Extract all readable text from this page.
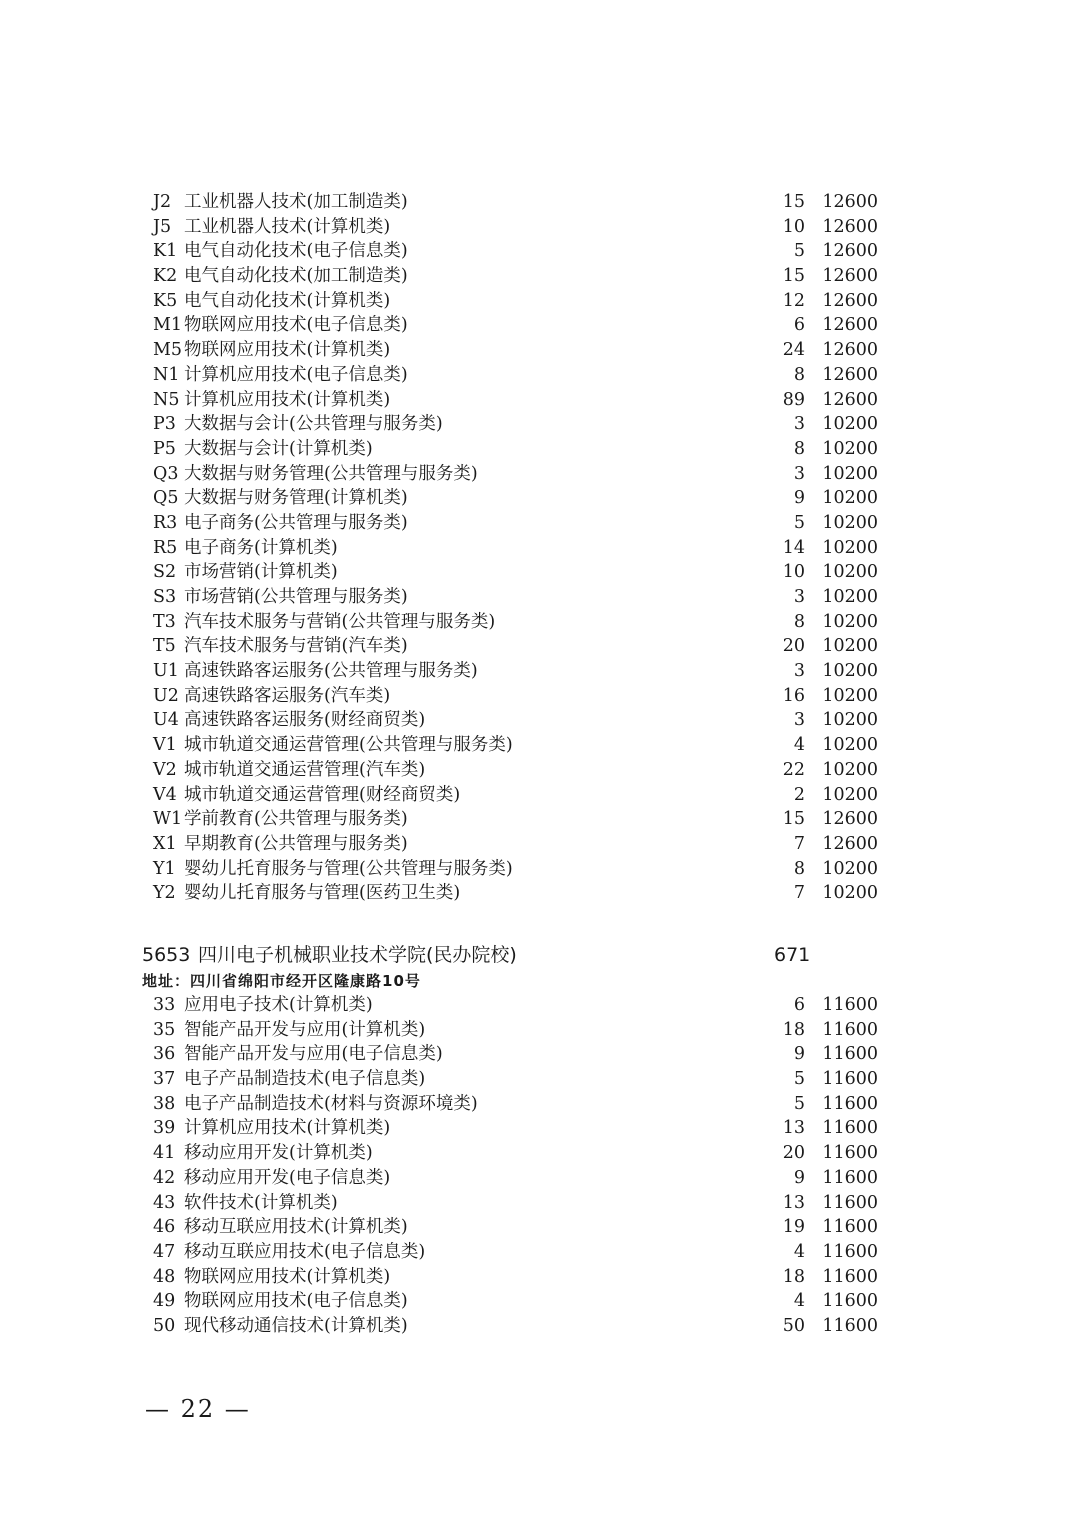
J2 工业机器人技术(加工制造类)	15 12600
J5 工业机器人技术(计算机类)	10 12600
K1 电气自动化技术(电子信息类)	5 12600
K2 电气自动化技术(加工制造类)	15 12600
K5 电气自动化技术(计算机类)	12 12600
M1 物联网应用技术(电子信息类)	6 12600
M5 物联网应用技术(计算机类)	24 12600
N1 计算机应用技术(电子信息类)	8 12600
N5 计算机应用技术(计算机类)	89 12600
P3 大数据与会计(公共管理与服务类)	3 10200
P5 大数据与会计(计算机类)	8 10200
Q3 大数据与财务管理(公共管理与服务类)	3 10200
Q5 大数据与财务管理(计算机类)	9 10200
R3 电子商务(公共管理与服务类)	5 10200
R5 电子商务(计算机类)	14 10200
S2 市场营销(计算机类)	10 10200
S3 市场营销(公共管理与服务类)	3 10200
T3 汽车技术服务与营销(公共管理与服务类)	8 10200
T5 汽车技术服务与营销(汽车类)	20 10200
U1 高速铁路客运服务(公共管理与服务类)	3 10200
U2 高速铁路客运服务(汽车类)	16 10200
U4 高速铁路客运服务(财经商贸类)	3 10200
V1 城市轨道交通运营管理(公共管理与服务类)	4 10200
V2 城市轨道交通运营管理(汽车类)	22 10200
V4 城市轨道交通运营管理(财经商贸类)	2 10200
W1 学前教育(公共管理与服务类)	15 12600
X1 早期教育(公共管理与服务类)	7 12600
Y1 婴幼儿托育服务与管理(公共管理与服务类)	8 10200
Y2 婴幼儿托育服务与管理(医药卫生类)	7 10200
5653 四川电子机械职业技术学院(民办院校)	671
地址：四川省绵阳市经开区隆康路10号
33 应用电子技术(计算机类)	6 11600
35 智能产品开发与应用(计算机类)	18 11600
36 智能产品开发与应用(电子信息类)	9 11600
37 电子产品制造技术(电子信息类)	5 11600
38 电子产品制造技术(材料与资源环境类)	5 11600
39 计算机应用技术(计算机类)	13 11600
41 移动应用开发(计算机类)	20 11600
42 移动应用开发(电子信息类)	9 11600
43 软件技术(计算机类)	13 11600
46 移动互联应用技术(计算机类)	19 11600
47 移动互联应用技术(电子信息类)	4 11600
48 物联网应用技术(计算机类)	18 11600
49 物联网应用技术(电子信息类)	4 11600
50 现代移动通信技术(计算机类)	50 11600
— 22 —
